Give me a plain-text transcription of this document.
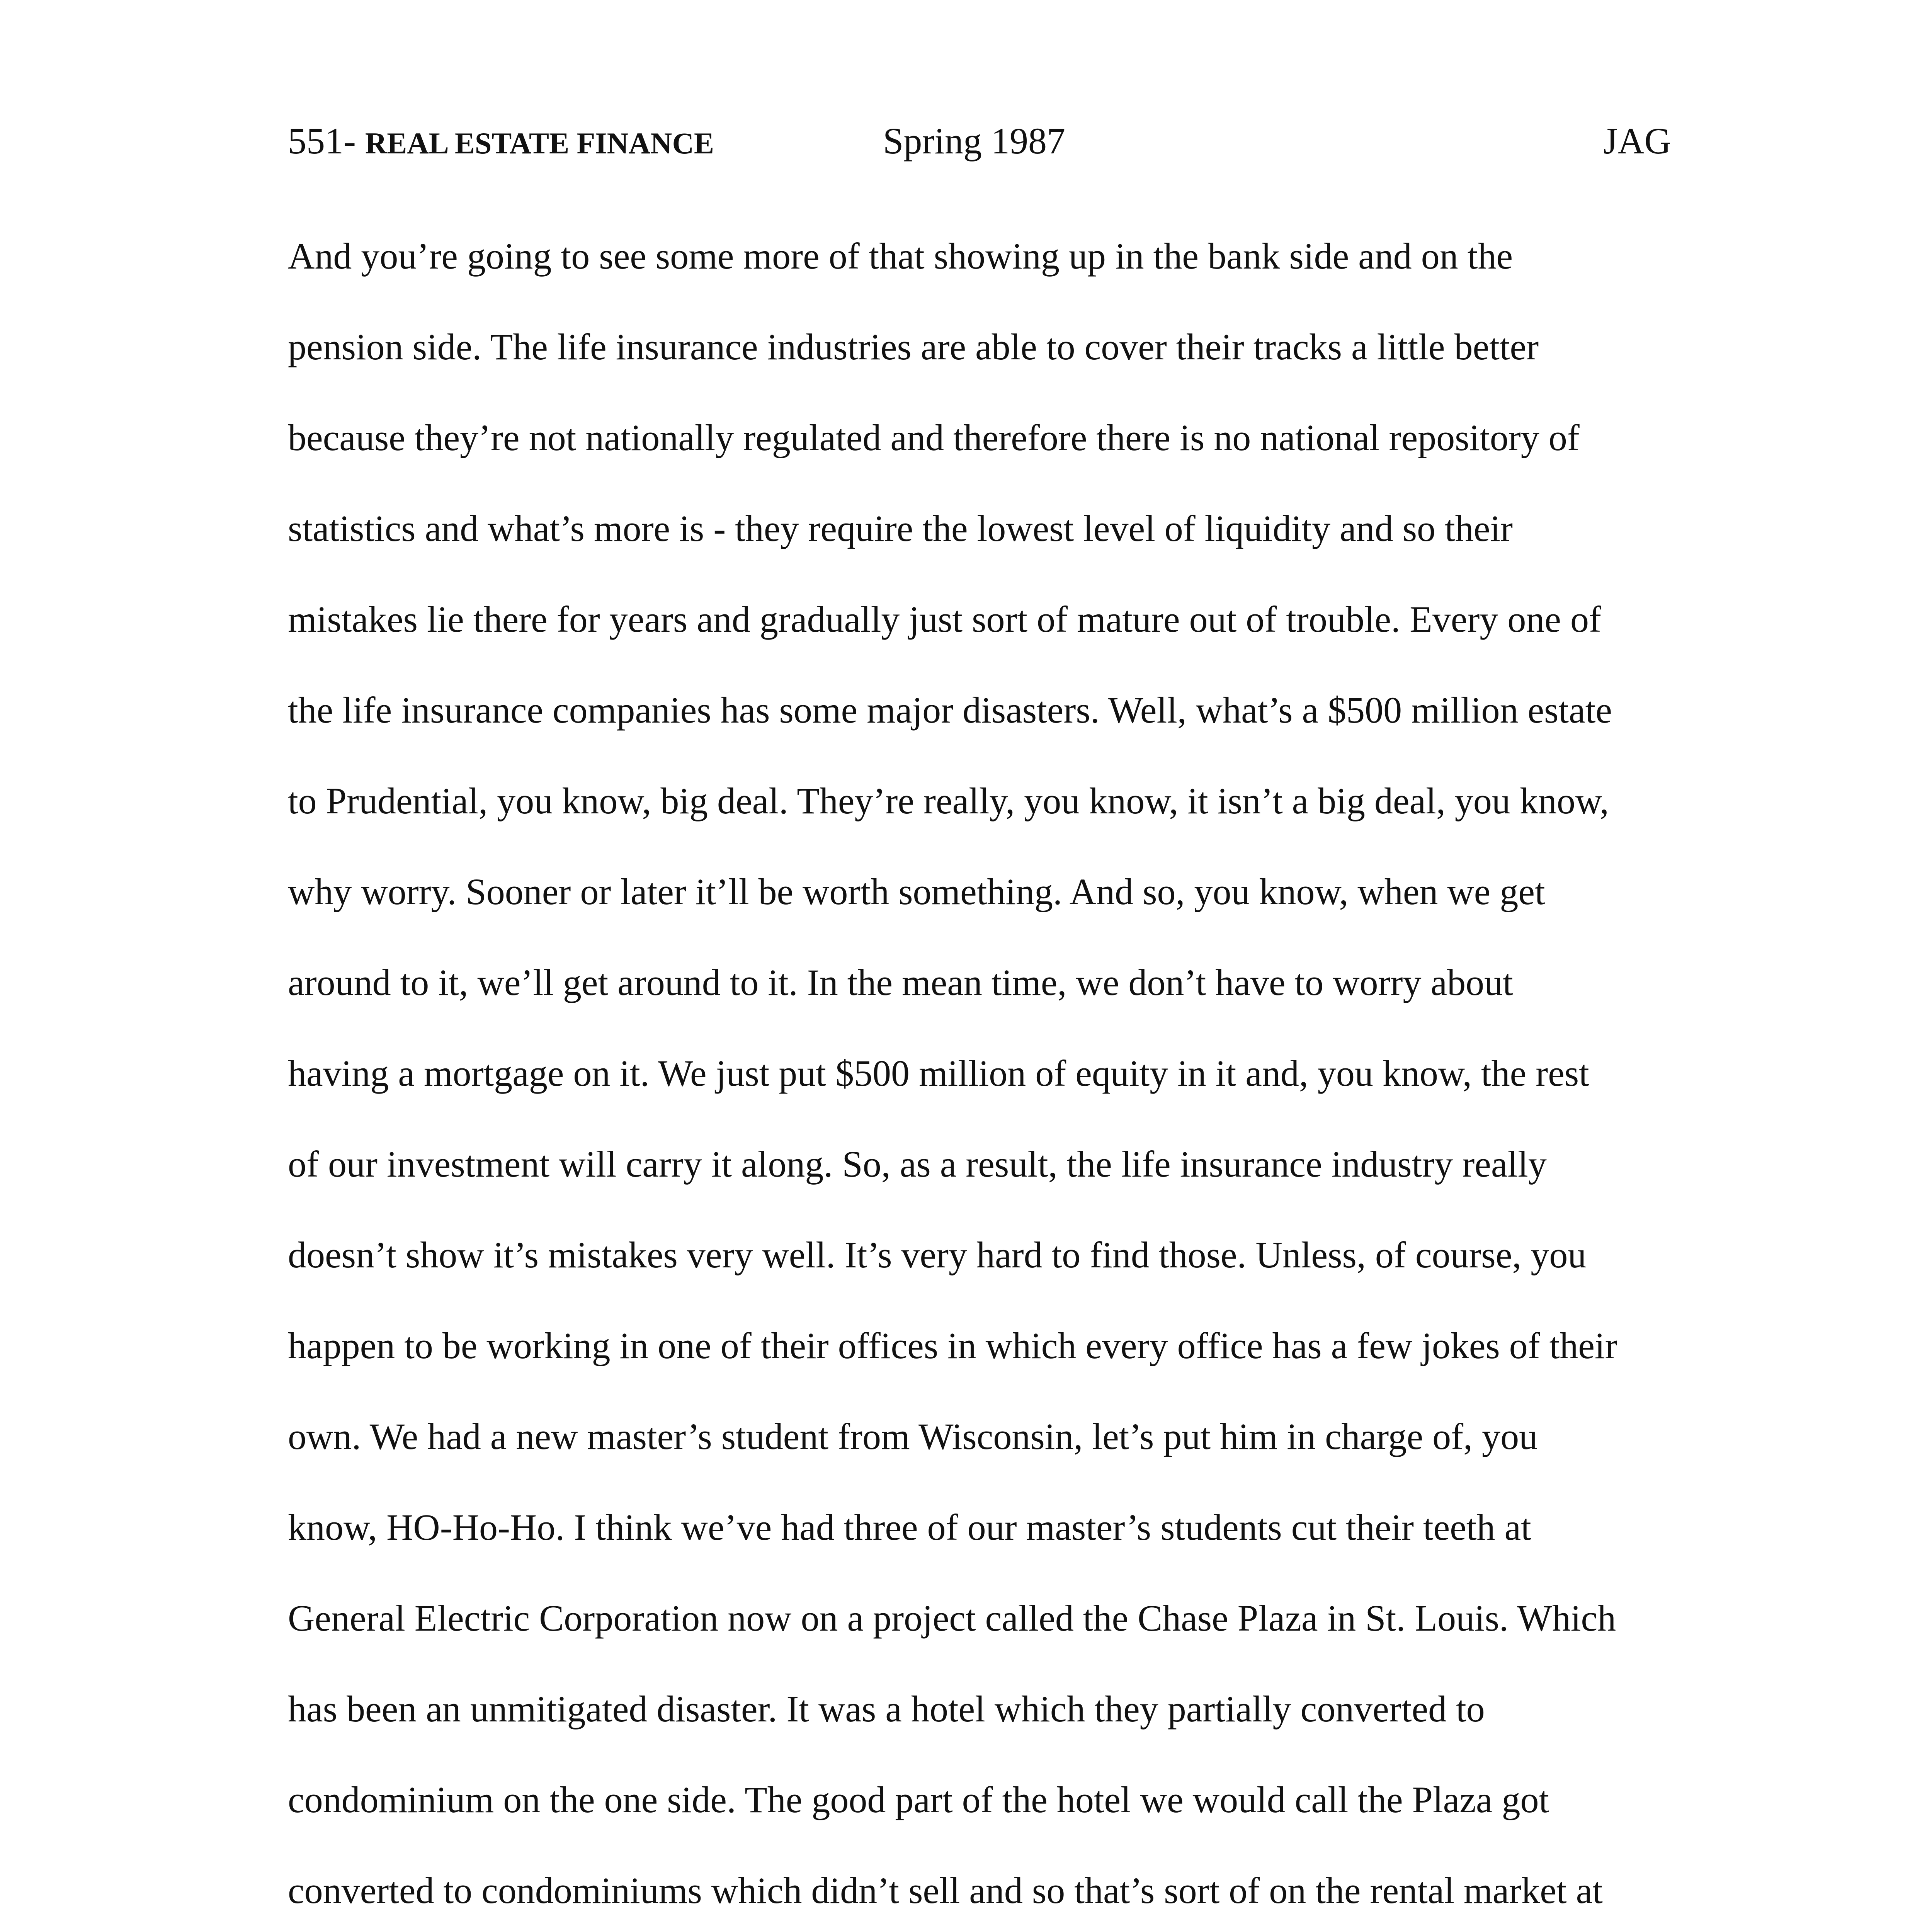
551- REAL ESTATE FINANCE	Spring 1987	JAG
And you’re going to see some more of that showing up in the bank side and on the
pension side. The life insurance industries are able to cover their tracks a little better
because they’re not nationally regulated and therefore there is no national repository of
statistics and what’s more is - they require the lowest level of liquidity and so their
mistakes lie there for years and gradually just sort of mature out of trouble. Every one of
the life insurance companies has some major disasters. Well, what’s a $500 million estate
to Prudential, you know, big deal. They’re really, you know, it isn’t a big deal, you know,
why worry. Sooner or later it’ll be worth something. And so, you know, when we get
around to it, we’ll get around to it. In the mean time, we don’t have to worry about
having a mortgage on it. We just put $500 million of equity in it and, you know, the rest
of our investment will carry it along. So, as a result, the life insurance industry really
doesn’t show it’s mistakes very well. It’s very hard to find those. Unless, of course, you
happen to be working in one of their offices in which every office has a few jokes of their
own. We had a new master’s student from Wisconsin, let’s put him in charge of, you
know, HO-Ho-Ho. I think we’ve had three of our master’s students cut their teeth at
General Electric Corporation now on a project called the Chase Plaza in St. Louis. Which
has been an unmitigated disaster. It was a hotel which they partially converted to
condominium on the one side. The good part of the hotel we would call the Plaza got
converted to condominiums which didn’t sell and so that’s sort of on the rental market at
